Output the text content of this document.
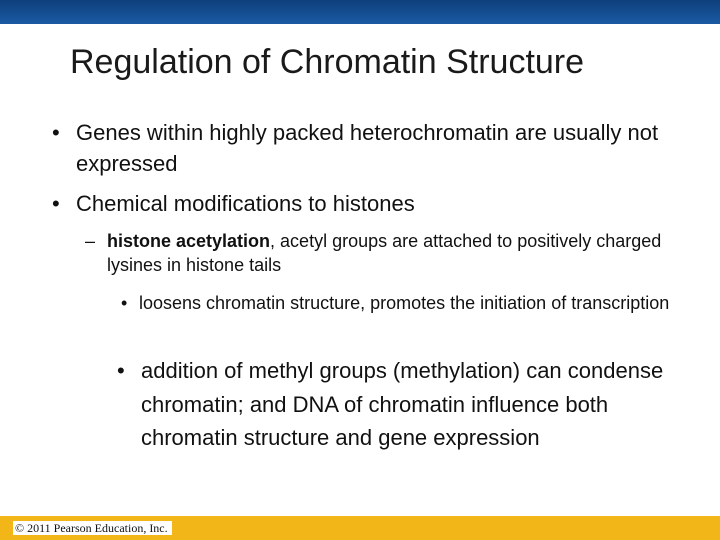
Regulation of Chromatin Structure
• Genes within highly packed heterochromatin are usually not expressed
• Chemical modifications to histones
– histone acetylation, acetyl groups are attached to positively charged lysines in histone tails
• loosens chromatin structure, promotes the initiation of transcription
• addition of methyl groups (methylation) can condense chromatin; and DNA of chromatin influence both chromatin structure and gene expression
© 2011 Pearson Education, Inc.
